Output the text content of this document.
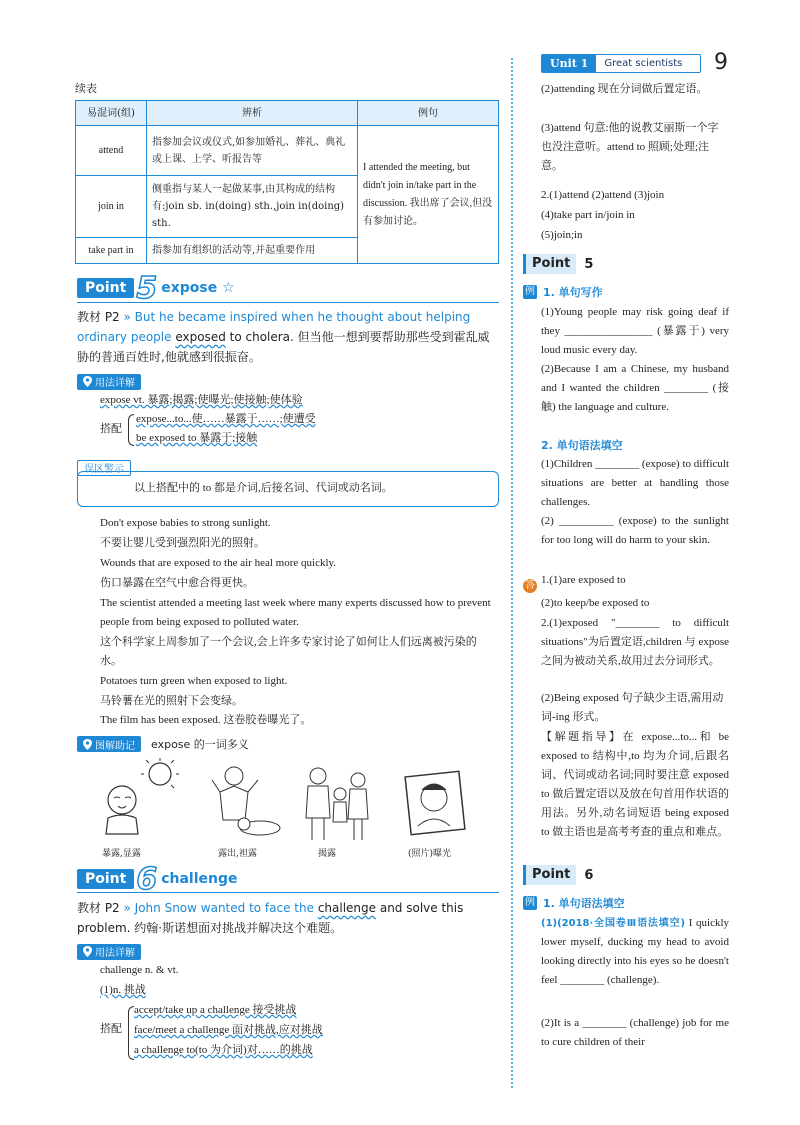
Unit 1	Great scientists 9
续表
易混词(组)	辨析	例句
attend	指参加会议或仪式,如参加婚礼、葬礼、典礼或上课、上学、听报告等	I attended the meeting, but didn't join in/take part in the discussion. 我出席了会议,但没有参加讨论。
join in	侧重指与某人一起做某事,由其构成的结构有:join sb. in(doing) sth.,join in(doing) sth.	
take part in	指参加有组织的活动等,并起重要作用	
Point 5 expose ☆
教材 P2 » But he became inspired when he thought about helping ordinary people exposed to cholera. 但当他一想到要帮助那些受到霍乱威胁的普通百姓时,他就感到很振奋。
用法详解
expose vt. 暴露;揭露;使曝光;使接触;使体验
搭配
expose...to...使……暴露于……;使遭受
be exposed to 暴露于;接触
误区警示
以上搭配中的 to 都是介词,后接名词、代词或动名词。
Don't expose babies to strong sunlight.
不要让婴儿受到强烈阳光的照射。
Wounds that are exposed to the air heal more quickly.
伤口暴露在空气中愈合得更快。
The scientist attended a meeting last week where many experts discussed how to prevent people from being exposed to polluted water.
这个科学家上周参加了一个会议,会上许多专家讨论了如何让人们远离被污染的水。
Potatoes turn green when exposed to light.
马铃薯在光的照射下会变绿。
The film has been exposed. 这卷胶卷曝光了。
图解助记 expose 的一词多义
暴露,显露	露出,袒露	揭露	(照片)曝光
Point 6 challenge
教材 P2 » John Snow wanted to face the challenge and solve this problem. 约翰·斯诺想面对挑战并解决这个难题。
用法详解
challenge n. & vt.
(1)n. 挑战
搭配
accept/take up a challenge 接受挑战
face/meet a challenge 面对挑战,应对挑战
a challenge to(to 为介词)对……的挑战
(2)attending 现在分词做后置定语。
(3)attend 句意:他的说教艾丽斯一个字也没注意听。attend to 照顾;处理;注意。
2.(1)attend (2)attend (3)join
(4)take part in/join in
(5)join;in
Point	5
例 1. 单句写作
(1)Young people may risk going deaf if they ________________ (暴露于) very loud music every day.
(2)Because I am a Chinese, my husband and I wanted the children ________ (接触) the language and culture.
2. 单句语法填空
(1)Children ________ (expose) to difficult situations are better at handling those challenges.
(2) __________ (expose) to the sunlight for too long will do harm to your skin.
答 1.(1)are exposed to
(2)to keep/be exposed to
2.(1)exposed "________ to difficult situations"为后置定语,children 与 expose 之间为被动关系,故用过去分词形式。
(2)Being exposed 句子缺少主语,需用动词-ing 形式。
【解题指导】在 expose...to...和 be exposed to 结构中,to 均为介词,后跟名词、代词或动名词;同时要注意 exposed to 做后置定语以及放在句首用作状语的用法。另外,动名词短语 being exposed to 做主语也是高考考查的重点和难点。
Point	6
例 1. 单句语法填空
(1)(2018·全国卷Ⅲ语法填空) I quickly lower myself, ducking my head to avoid looking directly into his eyes so he doesn't feel ________ (challenge).
(2)It is a ________ (challenge) job for me to cure children of their
